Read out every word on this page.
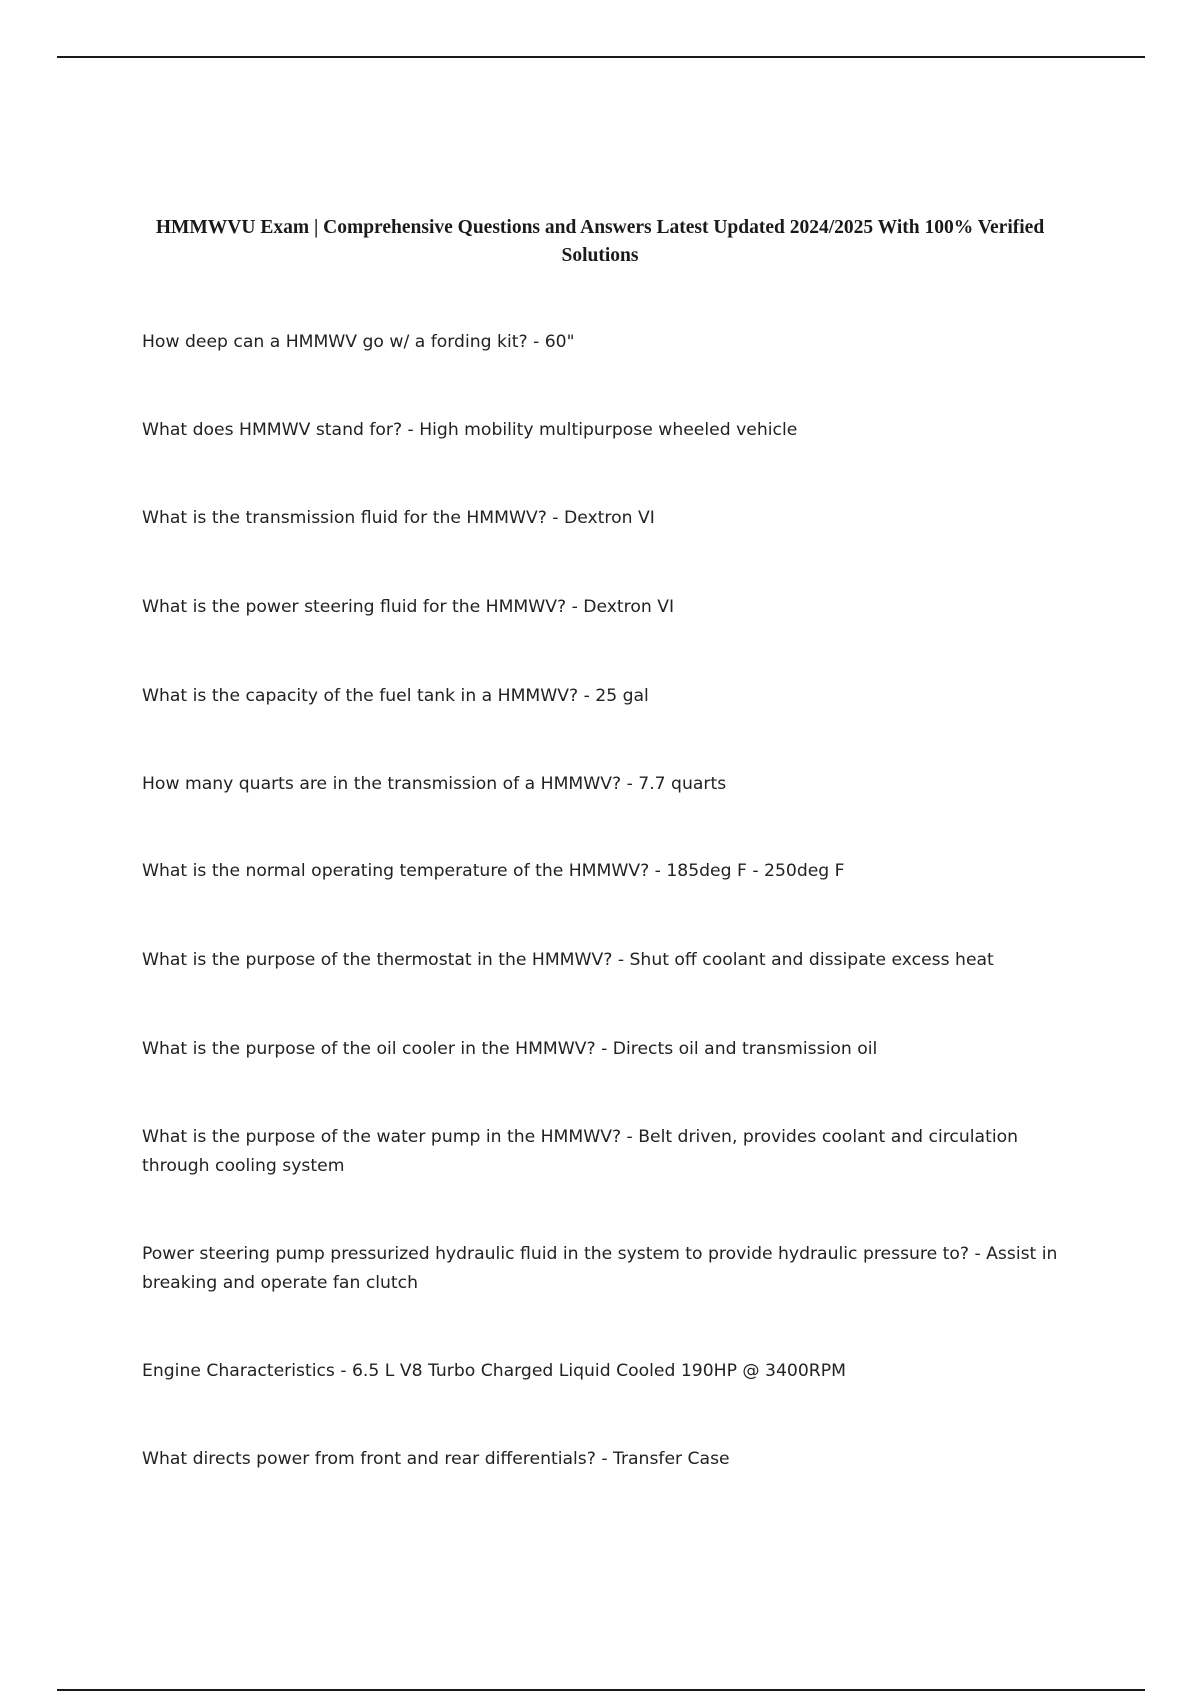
HMMWVU Exam | Comprehensive Questions and Answers Latest Updated 2024/2025 With 100% Verified Solutions

How deep can a HMMWV go w/ a fording kit? - 60"

What does HMMWV stand for? - High mobility multipurpose wheeled vehicle

What is the transmission fluid for the HMMWV? - Dextron VI

What is the power steering fluid for the HMMWV? - Dextron VI

What is the capacity of the fuel tank in a HMMWV? - 25 gal

How many quarts are in the transmission of a HMMWV? - 7.7 quarts

What is the normal operating temperature of the HMMWV? - 185deg F - 250deg F

What is the purpose of the thermostat in the HMMWV? - Shut off coolant and dissipate excess heat

What is the purpose of the oil cooler in the HMMWV? - Directs oil and transmission oil

What is the purpose of the water pump in the HMMWV? - Belt driven, provides coolant and circulation through cooling system

Power steering pump pressurized hydraulic fluid in the system to provide hydraulic pressure to? - Assist in breaking and operate fan clutch

Engine Characteristics - 6.5 L V8 Turbo Charged Liquid Cooled 190HP @ 3400RPM

What directs power from front and rear differentials? - Transfer Case
